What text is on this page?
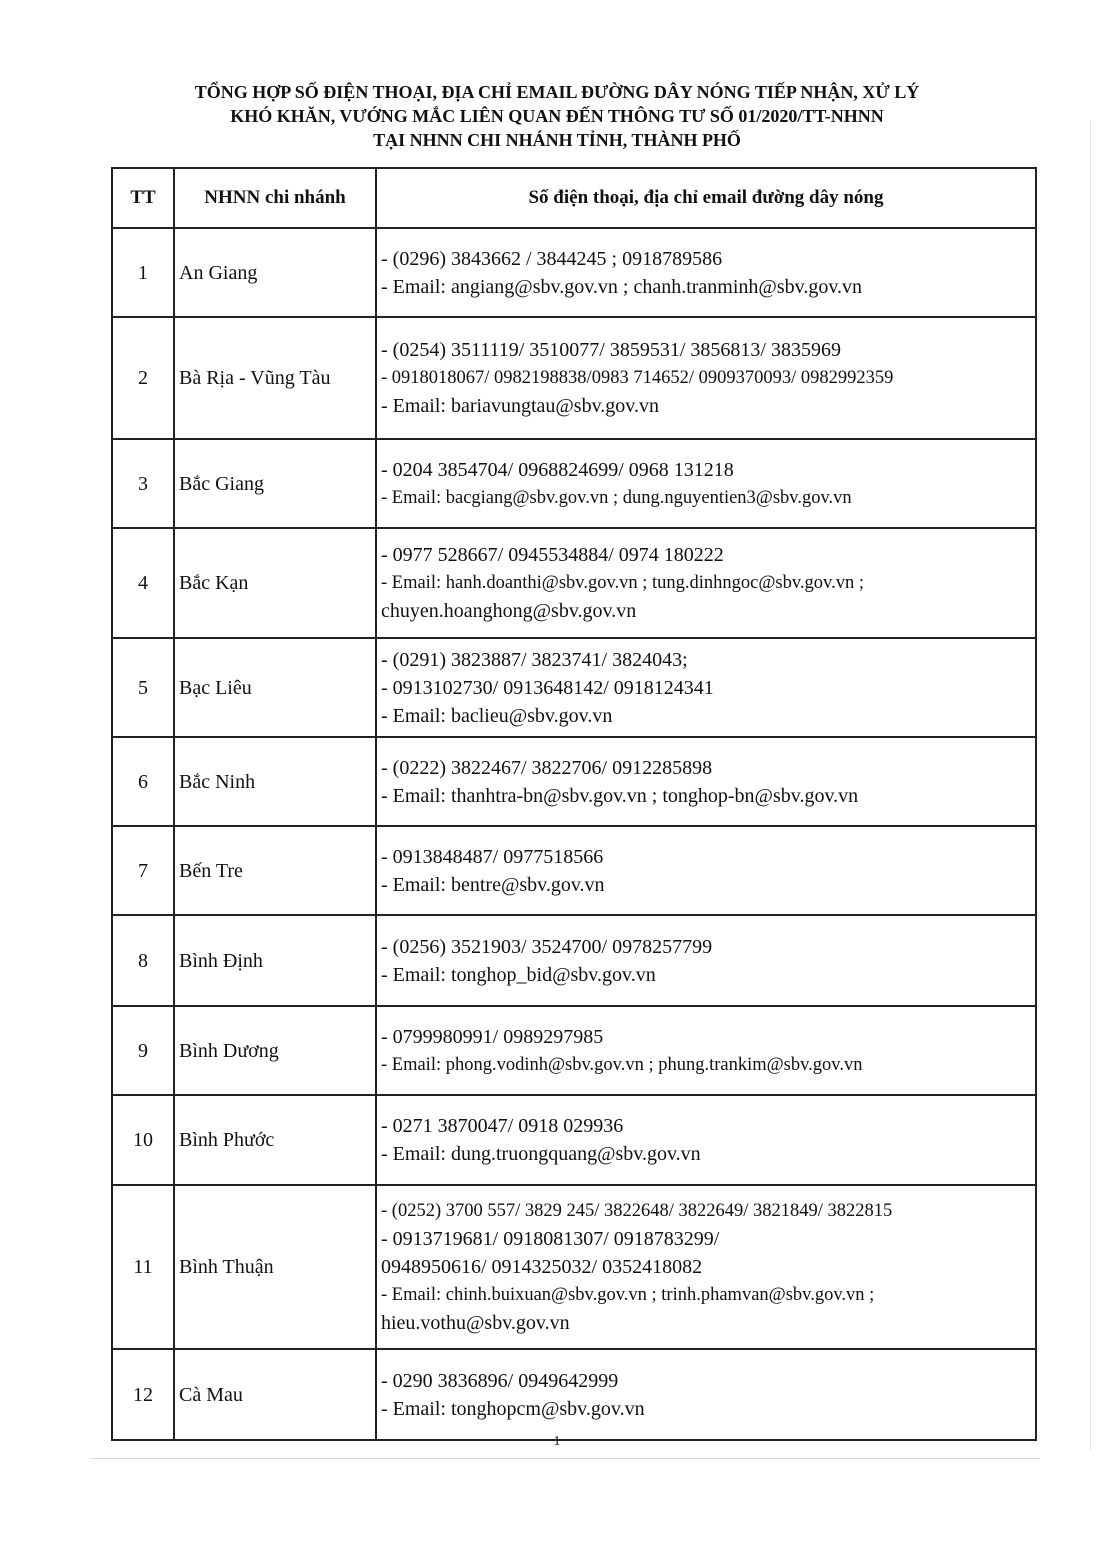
TỔNG HỢP SỐ ĐIỆN THOẠI, ĐỊA CHỈ EMAIL ĐƯỜNG DÂY NÓNG TIẾP NHẬN, XỬ LÝ
KHÓ KHĂN, VƯỚNG MẮC LIÊN QUAN ĐẾN THÔNG TƯ SỐ 01/2020/TT-NHNN
TẠI NHNN CHI NHÁNH TỈNH, THÀNH PHỐ
TT	NHNN chi nhánh	Số điện thoại, địa chỉ email đường dây nóng
1	An Giang	- (0296) 3843662 / 3844245 ; 0918789586
- Email: angiang@sbv.gov.vn ; chanh.tranminh@sbv.gov.vn

2	Bà Rịa - Vũng Tàu	- (0254) 3511119/ 3510077/ 3859531/ 3856813/ 3835969
- 0918018067/ 0982198838/0983 714652/ 0909370093/ 0982992359
- Email: bariavungtau@sbv.gov.vn

3	Bắc Giang	- 0204 3854704/ 0968824699/ 0968 131218
- Email: bacgiang@sbv.gov.vn ; dung.nguyentien3@sbv.gov.vn

4	Bắc Kạn	- 0977 528667/ 0945534884/ 0974 180222
- Email: hanh.doanthi@sbv.gov.vn ; tung.dinhngoc@sbv.gov.vn ;
chuyen.hoanghong@sbv.gov.vn

5	Bạc Liêu	- (0291) 3823887/ 3823741/ 3824043;
- 0913102730/ 0913648142/ 0918124341
- Email: baclieu@sbv.gov.vn

6	Bắc Ninh	- (0222) 3822467/ 3822706/ 0912285898
- Email: thanhtra-bn@sbv.gov.vn ; tonghop-bn@sbv.gov.vn

7	Bến Tre	- 0913848487/ 0977518566
- Email: bentre@sbv.gov.vn

8	Bình Định	- (0256) 3521903/ 3524700/ 0978257799
- Email: tonghop_bid@sbv.gov.vn

9	Bình Dương	- 0799980991/ 0989297985
- Email: phong.vodinh@sbv.gov.vn ; phung.trankim@sbv.gov.vn

10	Bình Phước	- 0271 3870047/ 0918 029936
- Email: dung.truongquang@sbv.gov.vn

11	Bình Thuận	- (0252) 3700 557/ 3829 245/ 3822648/ 3822649/ 3821849/ 3822815
- 0913719681/ 0918081307/ 0918783299/
0948950616/ 0914325032/ 0352418082
- Email: chinh.buixuan@sbv.gov.vn ; trinh.phamvan@sbv.gov.vn ;
hieu.vothu@sbv.gov.vn

12	Cà Mau	- 0290 3836896/ 0949642999
- Email: tonghopcm@sbv.gov.vn
1
